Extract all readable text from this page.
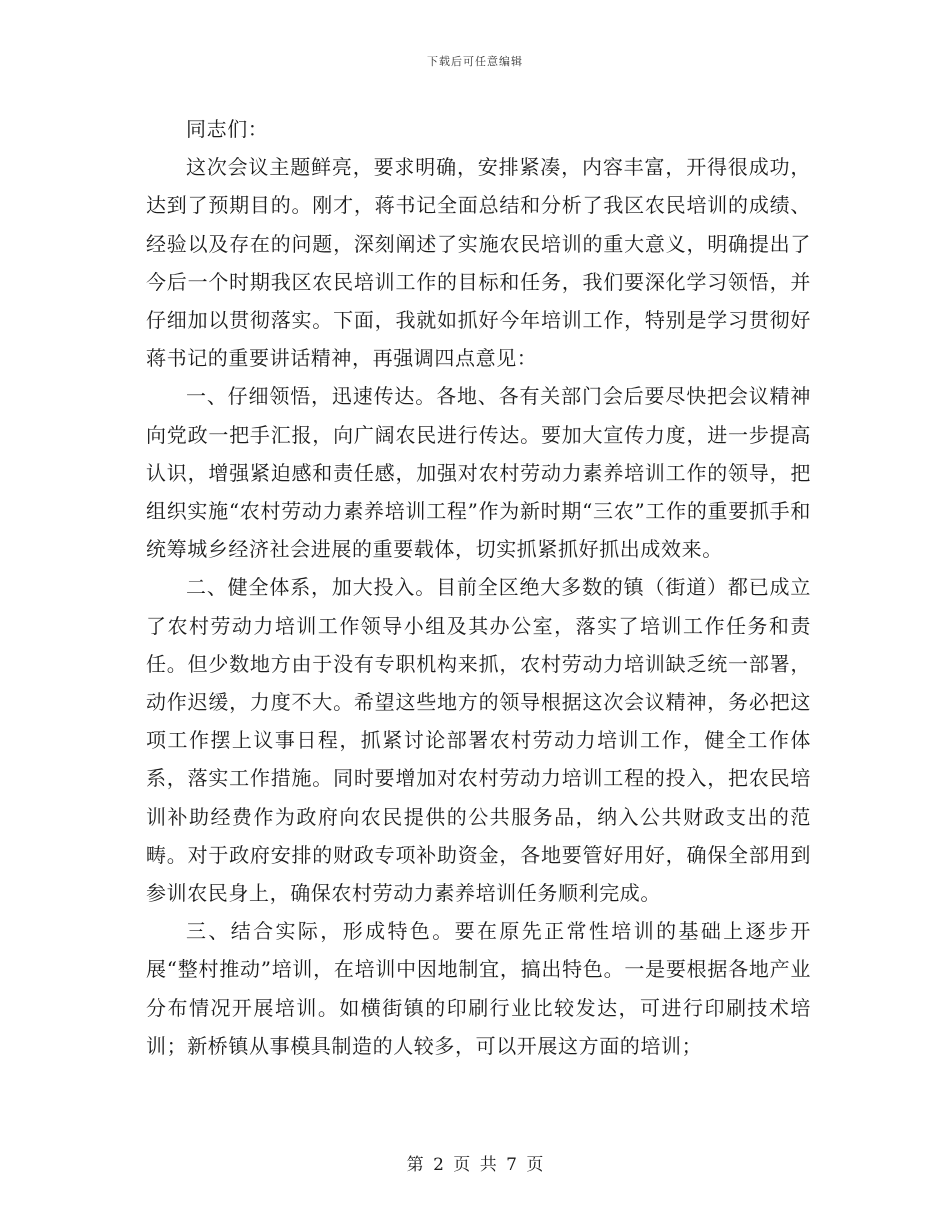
下载后可任意编辑

同志们：

这次会议主题鲜亮，要求明确，安排紧凑，内容丰富，开得很成功，达到了预期目的。刚才，蒋书记全面总结和分析了我区农民培训的成绩、经验以及存在的问题，深刻阐述了实施农民培训的重大意义，明确提出了今后一个时期我区农民培训工作的目标和任务，我们要深化学习领悟，并仔细加以贯彻落实。下面，我就如抓好今年培训工作，特别是学习贯彻好蒋书记的重要讲话精神，再强调四点意见：

一、仔细领悟，迅速传达。各地、各有关部门会后要尽快把会议精神向党政一把手汇报，向广阔农民进行传达。要加大宣传力度，进一步提高认识，增强紧迫感和责任感，加强对农村劳动力素养培训工作的领导，把组织实施“农村劳动力素养培训工程”作为新时期“三农”工作的重要抓手和统筹城乡经济社会进展的重要载体，切实抓紧抓好抓出成效来。

二、健全体系，加大投入。目前全区绝大多数的镇（街道）都已成立了农村劳动力培训工作领导小组及其办公室，落实了培训工作任务和责任。但少数地方由于没有专职机构来抓，农村劳动力培训缺乏统一部署，动作迟缓，力度不大。希望这些地方的领导根据这次会议精神，务必把这项工作摆上议事日程，抓紧讨论部署农村劳动力培训工作，健全工作体系，落实工作措施。同时要增加对农村劳动力培训工程的投入，把农民培训补助经费作为政府向农民提供的公共服务品，纳入公共财政支出的范畴。对于政府安排的财政专项补助资金，各地要管好用好，确保全部用到参训农民身上，确保农村劳动力素养培训任务顺利完成。

三、结合实际，形成特色。要在原先正常性培训的基础上逐步开展“整村推动”培训，在培训中因地制宜，搞出特色。一是要根据各地产业分布情况开展培训。如横街镇的印刷行业比较发达，可进行印刷技术培训；新桥镇从事模具制造的人较多，可以开展这方面的培训；

第 2 页 共 7 页
